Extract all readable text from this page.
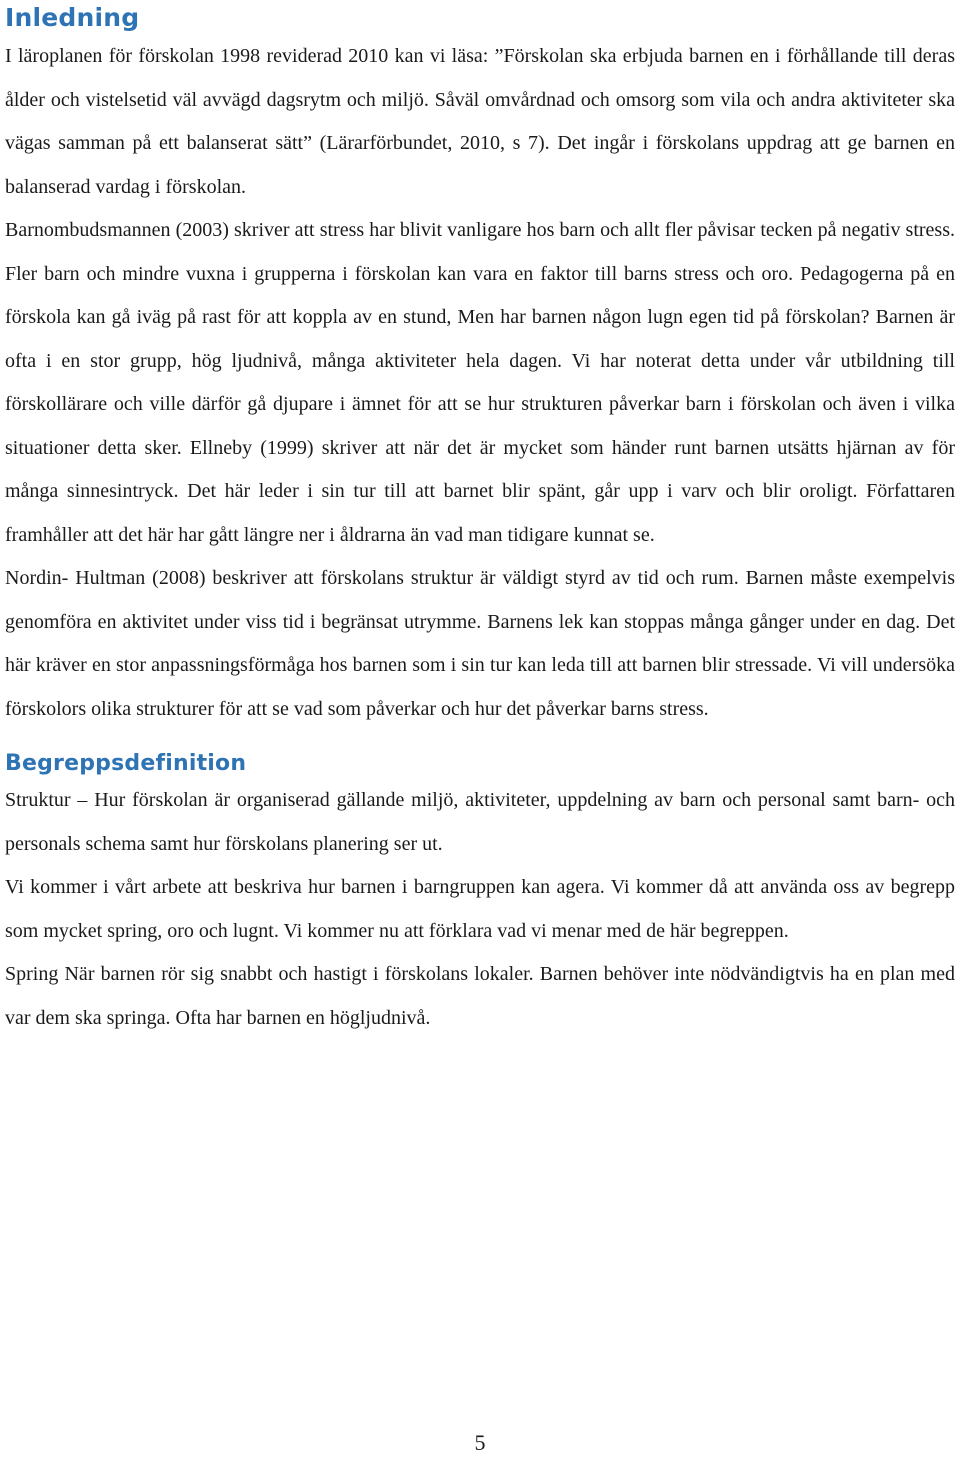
Inledning

I läroplanen för förskolan 1998 reviderad 2010 kan vi läsa: ”Förskolan ska erbjuda barnen en i förhållande till deras ålder och vistelsetid väl avvägd dagsrytm och miljö. Såväl omvårdnad och omsorg som vila och andra aktiviteter ska vägas samman på ett balanserat sätt” (Lärarförbundet, 2010, s 7). Det ingår i förskolans uppdrag att ge barnen en balanserad vardag i förskolan.

Barnombudsmannen (2003) skriver att stress har blivit vanligare hos barn och allt fler påvisar tecken på negativ stress. Fler barn och mindre vuxna i grupperna i förskolan kan vara en faktor till barns stress och oro. Pedagogerna på en förskola kan gå iväg på rast för att koppla av en stund, Men har barnen någon lugn egen tid på förskolan? Barnen är ofta i en stor grupp, hög ljudnivå, många aktiviteter hela dagen. Vi har noterat detta under vår utbildning till förskollärare och ville därför gå djupare i ämnet för att se hur strukturen påverkar barn i förskolan och även i vilka situationer detta sker. Ellneby (1999) skriver att när det är mycket som händer runt barnen utsätts hjärnan av för många sinnesintryck. Det här leder i sin tur till att barnet blir spänt, går upp i varv och blir oroligt. Författaren framhåller att det här har gått längre ner i åldrarna än vad man tidigare kunnat se.

Nordin- Hultman (2008) beskriver att förskolans struktur är väldigt styrd av tid och rum. Barnen måste exempelvis genomföra en aktivitet under viss tid i begränsat utrymme. Barnens lek kan stoppas många gånger under en dag. Det här kräver en stor anpassningsförmåga hos barnen som i sin tur kan leda till att barnen blir stressade. Vi vill undersöka förskolors olika strukturer för att se vad som påverkar och hur det påverkar barns stress.

Begreppsdefinition

Struktur – Hur förskolan är organiserad gällande miljö, aktiviteter, uppdelning av barn och personal samt barn- och personals schema samt hur förskolans planering ser ut.

Vi kommer i vårt arbete att beskriva hur barnen i barngruppen kan agera. Vi kommer då att använda oss av begrepp som mycket spring, oro och lugnt. Vi kommer nu att förklara vad vi menar med de här begreppen.

Spring När barnen rör sig snabbt och hastigt i förskolans lokaler. Barnen behöver inte nödvändigtvis ha en plan med var dem ska springa. Ofta har barnen en högljudnivå.

5
